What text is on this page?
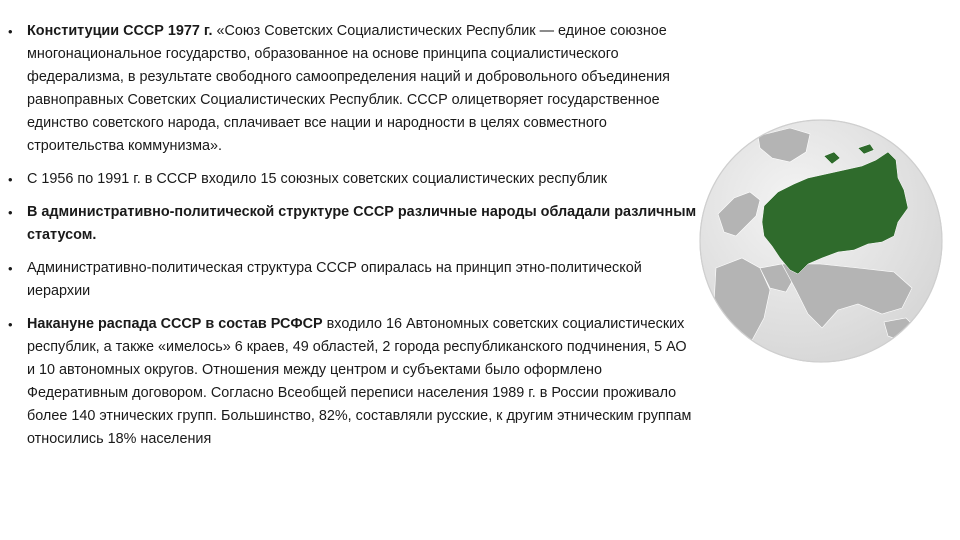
•	Конституции СССР 1977 г. «Союз Советских Социалистических Республик — единое союзное многонациональное государство, образованное на основе принципа социалистического федерализма, в результате свободного самоопределения наций и добровольного объединения равноправных Советских Социалистических Республик. СССР олицетворяет государственное единство советского народа, сплачивает все нации и народности в целях совместного строительства коммунизма».
•	С 1956 по 1991 г. в СССР входило 15 союзных советских социалистических республик
•	В административно-политической структуре СССР различные народы обладали различным статусом.
•	Административно-политическая структура СССР опиралась на принцип этно-политической иерархии
•	Накануне распада СССР в состав РСФСР входило 16 Автономных советских социалистических республик, а также «имелось» 6 краев, 49 областей, 2 города республиканского подчинения, 5 АО и 10 автономных округов. Отношения между центром и субъектами было оформлено Федеративным договором. Согласно Всеобщей переписи населения 1989 г. в России проживало более 140 этнических групп. Большинство, 82%, составляли русские, к другим этническим группам относились 18% населения
